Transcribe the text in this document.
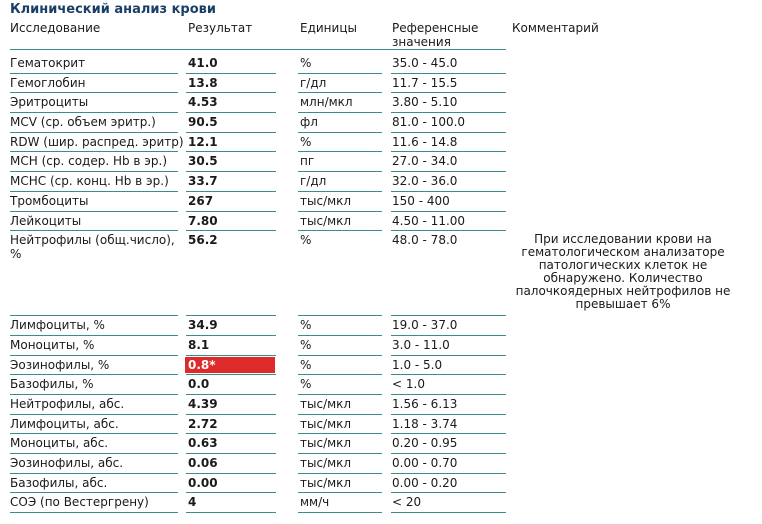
Клинический анализ крови
Исследование	Результат	Единицы	Референсные
значения
Комментарий
Гематокрит	41.0	%	35.0 - 45.0
Гемоглобин	13.8	г/дл	11.7 - 15.5
Эритроциты	4.53	млн/мкл	3.80 - 5.10
MCV (ср. объем эритр.)	90.5	фл	81.0 - 100.0
RDW (шир. распред. эритр) 12.1	%	11.6 - 14.8
MCH (ср. содер. Hb в эр.)	30.5	пг	27.0 - 34.0
MCHC (ср. конц. Hb в эр.)	33.7	г/дл	32.0 - 36.0
Тромбоциты	267	тыс/мкл	150 - 400
Лейкоциты	7.80	тыс/мкл	4.50 - 11.00
Нейтрофилы (общ.число), %
56.2	%	48.0 - 78.0	При исследовании крови на гематологическом анализаторе патологических клеток не обнаружено. Количество палочкоядерных нейтрофилов не превышает 6%
Лимфоциты, %	34.9	%	19.0 - 37.0
Моноциты, %	8.1	%	3.0 - 11.0
Эозинофилы, %	0.8*	%	1.0 - 5.0
Базофилы, %	0.0	%	< 1.0
Нейтрофилы, абс.	4.39	тыс/мкл	1.56 - 6.13
Лимфоциты, абс.	2.72	тыс/мкл	1.18 - 3.74
Моноциты, абс.	0.63	тыс/мкл	0.20 - 0.95
Эозинофилы, абс.	0.06	тыс/мкл	0.00 - 0.70
Базофилы, абс.	0.00	тыс/мкл	0.00 - 0.20
СОЭ (по Вестергрену)	4	мм/ч	< 20
